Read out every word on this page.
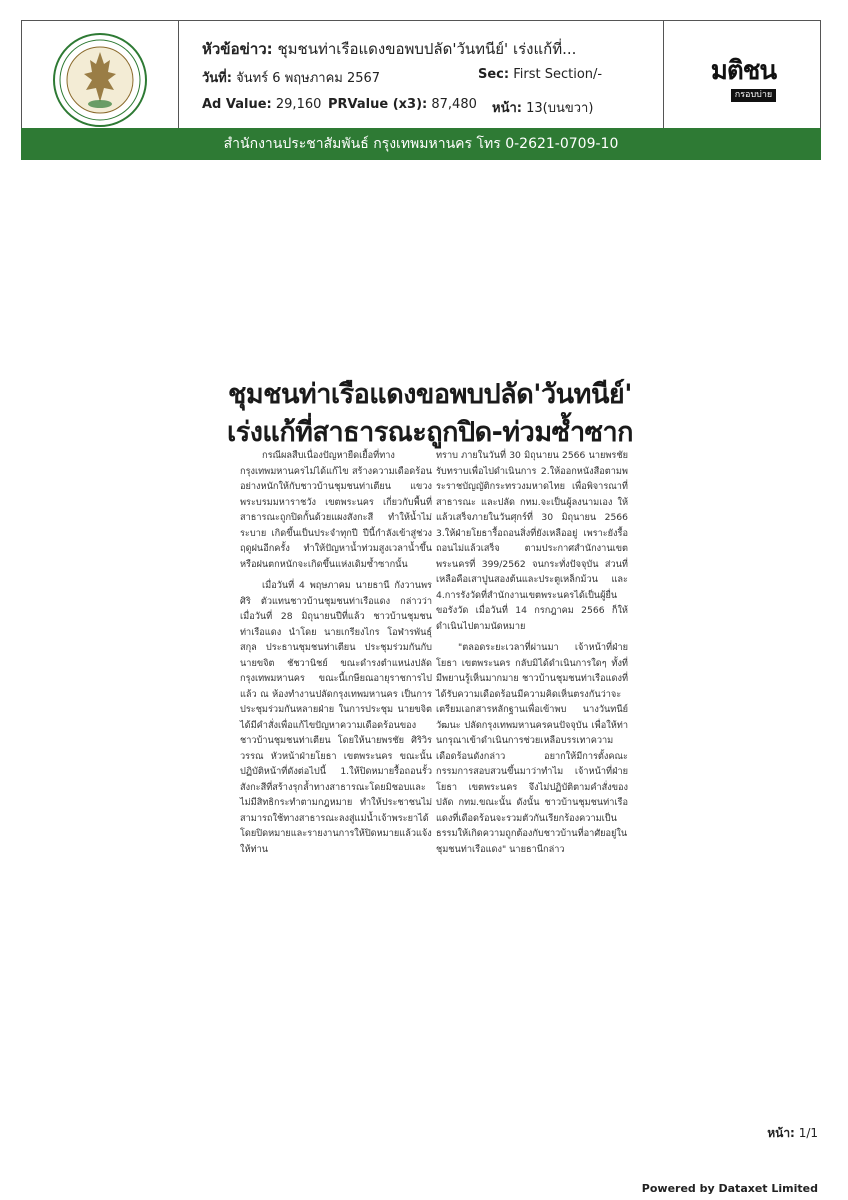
หัวข้อข่าว: ชุมชนท่าเรือแดงขอพบปลัด'วันทนีย์' เร่งแก้ที่...
วันที่: จันทร์ 6 พฤษภาคม 2567	Sec: First Section/-
Ad Value: 29,160 PRValue (x3): 87,480 หน้า: 13(บนขวา)
มติชน
กรอบบ่าย
สำนักงานประชาสัมพันธ์ กรุงเทพมหานคร โทร 0-2621-0709-10
ชุมชนท่าเรือแดงขอพบปลัด'วันทนีย์'
เร่งแก้ที่สาธารณะถูกปิด-ท่วมซ้ำซาก

กรณีผลสืบเนื่องปัญหายืดเยื้อที่ทางกรุงเทพมหานครไม่ได้แก้ไข สร้างความเดือดร้อนอย่างหนักให้กับชาวบ้านชุมชนท่าเตียน แขวงพระบรมมหาราชวัง เขตพระนคร เกี่ยวกับพื้นที่สาธารณะถูกปิดกั้นด้วยแผงสังกะสี ทำให้น้ำไม่ระบาย เกิดขึ้นเป็นประจำทุกปี ปีนี้กำลังเข้าสู่ช่วงฤดูฝนอีกครั้ง ทำให้ปัญหาน้ำท่วมสูงเวลาน้ำขึ้นหรือฝนตกหนักจะเกิดขึ้นแห่งเดิมซ้ำซากนั้น

เมื่อวันที่ 4 พฤษภาคม นายธานี กังวานพรศิริ ตัวแทนชาวบ้านชุมชนท่าเรือแดง กล่าวว่า เมื่อวันที่ 28 มิถุนายนปีที่แล้ว ชาวบ้านชุมชนท่าเรือแดง นำโดย นายเกรียงไกร โอฬารพันธุ์สกุล ประธานชุมชนท่าเตียน ประชุมร่วมกันกับ นายขจิต ชัชวานิชย์ ขณะดำรงตำแหน่งปลัดกรุงเทพมหานคร ขณะนี้เกษียณอายุราชการไปแล้ว ณ ห้องทำงานปลัดกรุงเทพมหานคร เป็นการประชุมร่วมกันหลายฝ่าย ในการประชุม นายขจิตได้มีคำสั่งเพื่อแก้ไขปัญหาความเดือดร้อนของชาวบ้านชุมชนท่าเตียน โดยให้นายพรชัย ศิริวิรวรรณ หัวหน้าฝ่ายโยธา เขตพระนคร ขณะนั้น ปฏิบัติหน้าที่ดังต่อไปนี้ 1.ให้ปิดหมายรื้อถอนรั้วสังกะสีที่สร้างรุกล้ำทางสาธารณะโดยมิชอบและไม่มีสิทธิกระทำตามกฎหมาย ทำให้ประชาชนไม่สามารถใช้ทางสาธารณะลงสู่แม่น้ำเจ้าพระยาได้ โดยปิดหมายและรายงานการให้ปิดหมายแล้วแจ้งให้ท่าน

ทราบ ภายในวันที่ 30 มิถุนายน 2566 นายพรชัยรับทราบเพื่อไปดำเนินการ 2.ให้ออกหนังสือตามพระราชบัญญัติกระทรวงมหาดไทย เพื่อพิจารณาที่สาธารณะ และปลัด กทม.จะเป็นผู้ลงนามเอง ให้แล้วเสร็จภายในวันศุกร์ที่ 30 มิถุนายน 2566 3.ให้ฝ่ายโยธารื้อถอนสิ่งที่ยังเหลืออยู่ เพราะยังรื้อถอนไม่แล้วเสร็จ ตามประกาศสำนักงานเขตพระนครที่ 399/2562 จนกระทั่งปัจจุบัน ส่วนที่เหลือคือเสาปูนสองต้นและประตูเหล็กม้วน และ 4.การรังวัดที่สำนักงานเขตพระนครได้เป็นผู้ยื่นขอรังวัด เมื่อวันที่ 14 กรกฎาคม 2566 ก็ให้ดำเนินไปตามนัดหมาย

"ตลอดระยะเวลาที่ผ่านมา เจ้าหน้าที่ฝ่ายโยธา เขตพระนคร กลับมิได้ดำเนินการใดๆ ทั้งที่มีพยานรู้เห็นมากมาย ชาวบ้านชุมชนท่าเรือแดงที่ได้รับความเดือดร้อนมีความคิดเห็นตรงกันว่าจะเตรียมเอกสารหลักฐานเพื่อเข้าพบ นางวันทนีย์ วัฒนะ ปลัดกรุงเทพมหานครคนปัจจุบัน เพื่อให้ท่านกรุณาเข้าดำเนินการช่วยเหลือบรรเทาความเดือดร้อนดังกล่าว อยากให้มีการตั้งคณะกรรมการสอบสวนขึ้นมาว่าทำไม เจ้าหน้าที่ฝ่ายโยธา เขตพระนคร จึงไม่ปฏิบัติตามคำสั่งของปลัด กทม.ขณะนั้น ดังนั้น ชาวบ้านชุมชนท่าเรือแดงที่เดือดร้อนจะรวมตัวกันเรียกร้องความเป็นธรรมให้เกิดความถูกต้องกับชาวบ้านที่อาศัยอยู่ในชุมชนท่าเรือแดง" นายธานีกล่าว

หน้า: 1/1
Powered by Dataxet Limited
